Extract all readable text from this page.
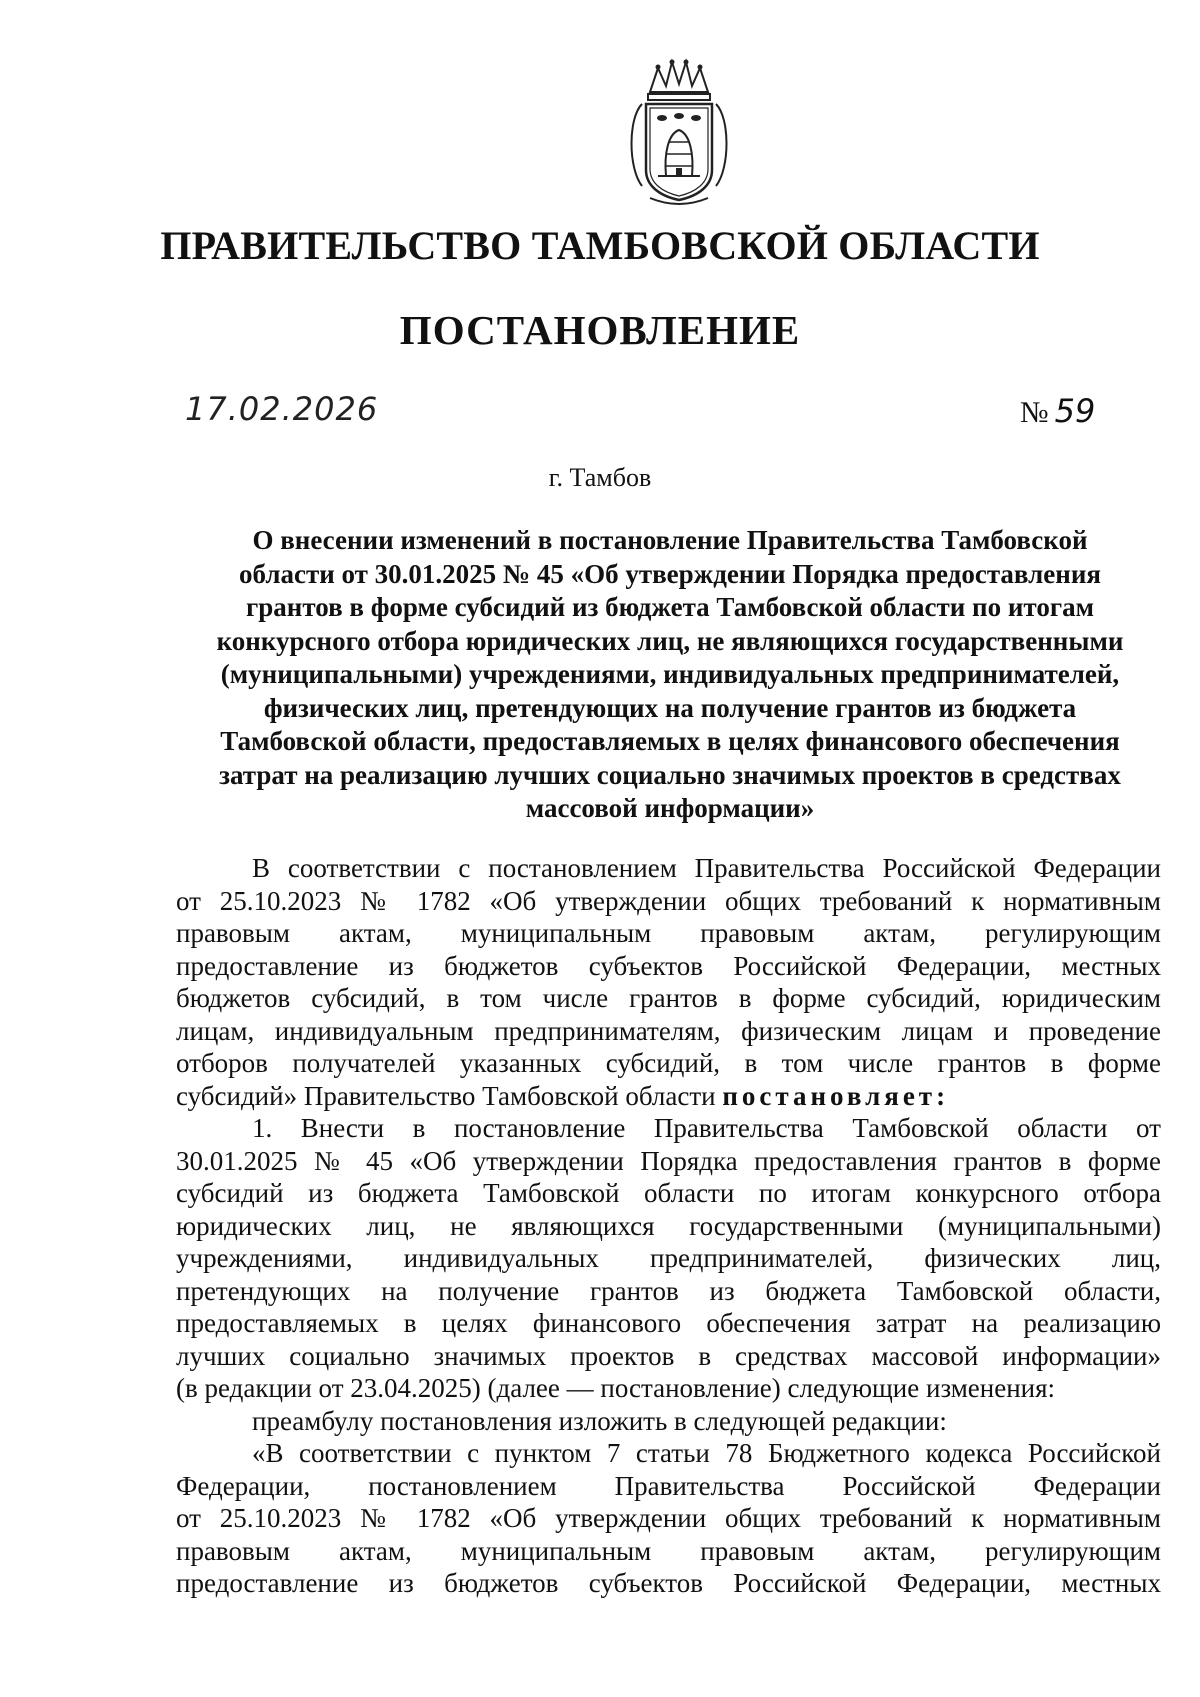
ПРАВИТЕЛЬСТВО ТАМБОВСКОЙ ОБЛАСТИ
ПОСТАНОВЛЕНИЕ
17.02.2026	№ 59
г. Тамбов
О внесении изменений в постановление Правительства Тамбовской
области от 30.01.2025 № 45 «Об утверждении Порядка предоставления
грантов в форме субсидий из бюджета Тамбовской области по итогам
конкурсного отбора юридических лиц, не являющихся государственными
(муниципальными) учреждениями, индивидуальных предпринимателей,
физических лиц, претендующих на получение грантов из бюджета
Тамбовской области, предоставляемых в целях финансового обеспечения
затрат на реализацию лучших социально значимых проектов в средствах
массовой информации»
В соответствии с постановлением Правительства Российской Федерации
от 25.10.2023 № 1782 «Об утверждении общих требований к нормативным
правовым актам, муниципальным правовым актам, регулирующим
предоставление из бюджетов субъектов Российской Федерации, местных
бюджетов субсидий, в том числе грантов в форме субсидий, юридическим
лицам, индивидуальным предпринимателям, физическим лицам и проведение
отборов получателей указанных субсидий, в том числе грантов в форме
субсидий» Правительство Тамбовской области постановляет:
1. Внести в постановление Правительства Тамбовской области от
30.01.2025 № 45 «Об утверждении Порядка предоставления грантов в форме
субсидий из бюджета Тамбовской области по итогам конкурсного отбора
юридических лиц, не являющихся государственными (муниципальными)
учреждениями, индивидуальных предпринимателей, физических лиц,
претендующих на получение грантов из бюджета Тамбовской области,
предоставляемых в целях финансового обеспечения затрат на реализацию
лучших социально значимых проектов в средствах массовой информации»
(в редакции от 23.04.2025) (далее — постановление) следующие изменения:
преамбулу постановления изложить в следующей редакции:
«В соответствии с пунктом 7 статьи 78 Бюджетного кодекса Российской
Федерации, постановлением Правительства Российской Федерации
от 25.10.2023 № 1782 «Об утверждении общих требований к нормативным
правовым актам, муниципальным правовым актам, регулирующим
предоставление из бюджетов субъектов Российской Федерации, местных
